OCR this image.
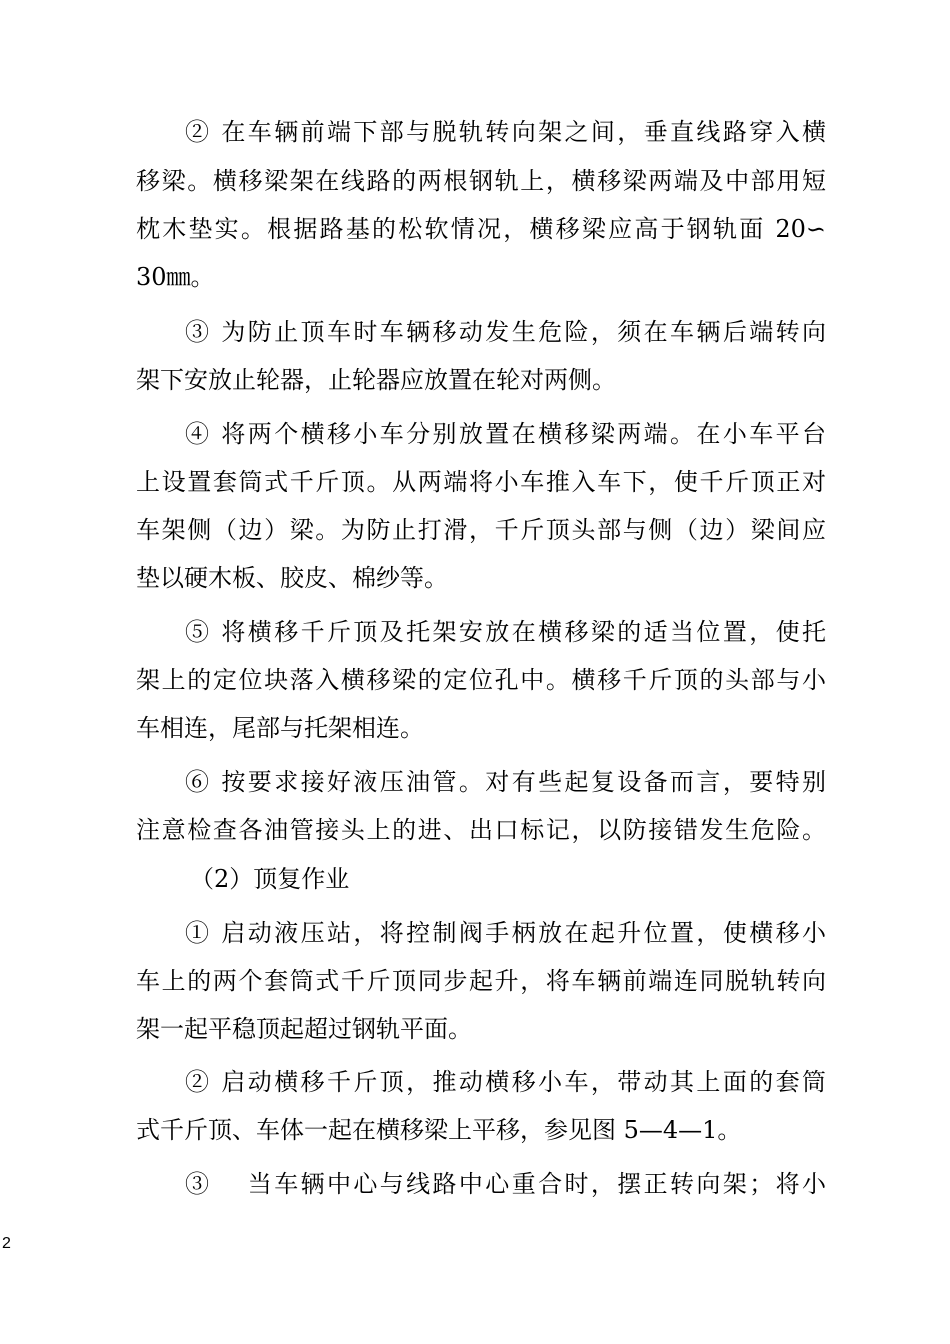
② 在车辆前端下部与脱轨转向架之间，垂直线路穿入横
移梁。横移梁架在线路的两根钢轨上，横移梁两端及中部用短
枕木垫实。根据路基的松软情况，横移梁应高于钢轨面 20∽
30㎜。
③ 为防止顶车时车辆移动发生危险，须在车辆后端转向
架下安放止轮器，止轮器应放置在轮对两侧。
④ 将两个横移小车分别放置在横移梁两端。在小车平台
上设置套筒式千斤顶。从两端将小车推入车下，使千斤顶正对
车架侧（边）梁。为防止打滑，千斤顶头部与侧（边）梁间应
垫以硬木板、胶皮、棉纱等。
⑤ 将横移千斤顶及托架安放在横移梁的适当位置，使托
架上的定位块落入横移梁的定位孔中。横移千斤顶的头部与小
车相连，尾部与托架相连。
⑥ 按要求接好液压油管。对有些起复设备而言，要特别
注意检查各油管接头上的进、出口标记，以防接错发生危险。
（2）顶复作业
① 启动液压站，将控制阀手柄放在起升位置，使横移小
车上的两个套筒式千斤顶同步起升，将车辆前端连同脱轨转向
架一起平稳顶起超过钢轨平面。
② 启动横移千斤顶，推动横移小车，带动其上面的套筒
式千斤顶、车体一起在横移梁上平移，参见图 5—4—1。
③　 当车辆中心与线路中心重合时，摆正转向架；将小
2
